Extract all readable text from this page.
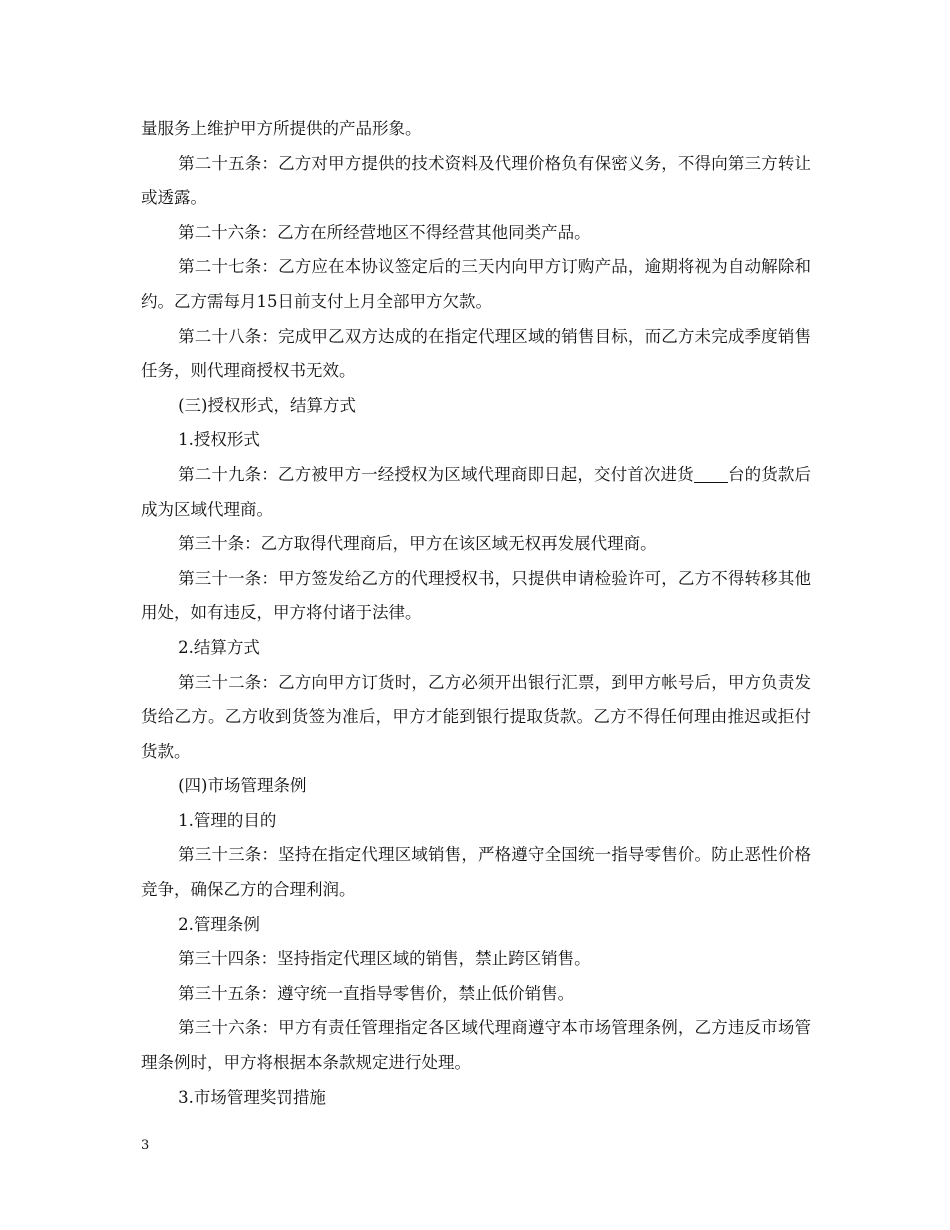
量服务上维护甲方所提供的产品形象。

第二十五条：乙方对甲方提供的技术资料及代理价格负有保密义务，不得向第三方转让或透露。

第二十六条：乙方在所经营地区不得经营其他同类产品。

第二十七条：乙方应在本协议签定后的三天内向甲方订购产品，逾期将视为自动解除和约。乙方需每月15日前支付上月全部甲方欠款。

第二十八条：完成甲乙双方达成的在指定代理区域的销售目标，而乙方未完成季度销售任务，则代理商授权书无效。

(三)授权形式，结算方式

1.授权形式

第二十九条：乙方被甲方一经授权为区域代理商即日起，交付首次进货 台的货款后成为区域代理商。

第三十条：乙方取得代理商后，甲方在该区域无权再发展代理商。

第三十一条：甲方签发给乙方的代理授权书，只提供申请检验许可，乙方不得转移其他用处，如有违反，甲方将付诸于法律。

2.结算方式

第三十二条：乙方向甲方订货时，乙方必须开出银行汇票，到甲方帐号后，甲方负责发货给乙方。乙方收到货签为准后，甲方才能到银行提取货款。乙方不得任何理由推迟或拒付货款。

(四)市场管理条例

1.管理的目的

第三十三条：坚持在指定代理区域销售，严格遵守全国统一指导零售价。防止恶性价格竞争，确保乙方的合理利润。

2.管理条例

第三十四条：坚持指定代理区域的销售，禁止跨区销售。

第三十五条：遵守统一直指导零售价，禁止低价销售。

第三十六条：甲方有责任管理指定各区域代理商遵守本市场管理条例，乙方违反市场管理条例时，甲方将根据本条款规定进行处理。

3.市场管理奖罚措施

3
